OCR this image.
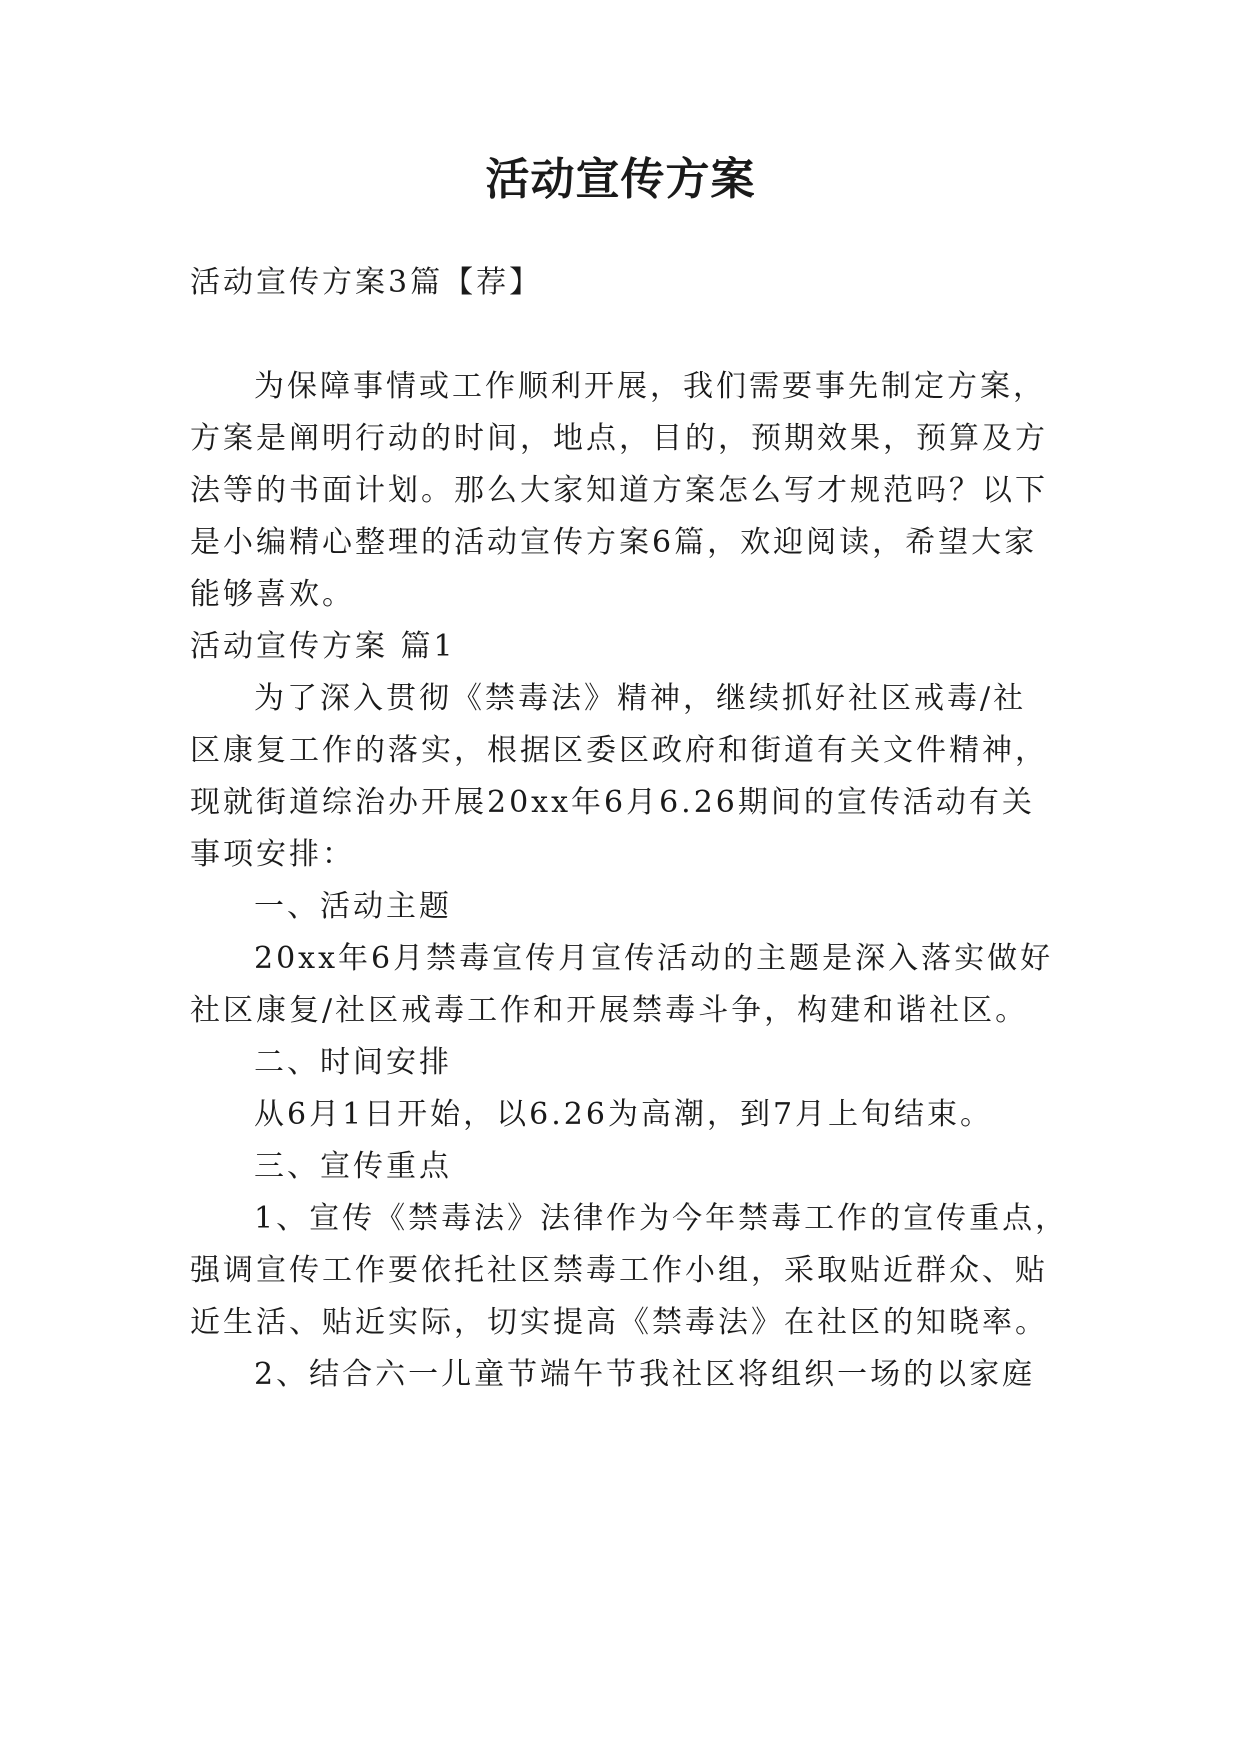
活动宣传方案
活动宣传方案3篇【荐】
为保障事情或工作顺利开展，我们需要事先制定方案，
方案是阐明行动的时间，地点，目的，预期效果，预算及方
法等的书面计划。那么大家知道方案怎么写才规范吗？以下
是小编精心整理的活动宣传方案6篇，欢迎阅读，希望大家
能够喜欢。
活动宣传方案 篇1
为了深入贯彻《禁毒法》精神，继续抓好社区戒毒/社
区康复工作的落实，根据区委区政府和街道有关文件精神，
现就街道综治办开展20xx年6月6.26期间的宣传活动有关
事项安排：
一、活动主题
20xx年6月禁毒宣传月宣传活动的主题是深入落实做好
社区康复/社区戒毒工作和开展禁毒斗争，构建和谐社区。
二、时间安排
从6月1日开始，以6.26为高潮，到7月上旬结束。
三、宣传重点
1、宣传《禁毒法》法律作为今年禁毒工作的宣传重点，
强调宣传工作要依托社区禁毒工作小组，采取贴近群众、贴
近生活、贴近实际，切实提高《禁毒法》在社区的知晓率。
2、结合六一儿童节端午节我社区将组织一场的以家庭
